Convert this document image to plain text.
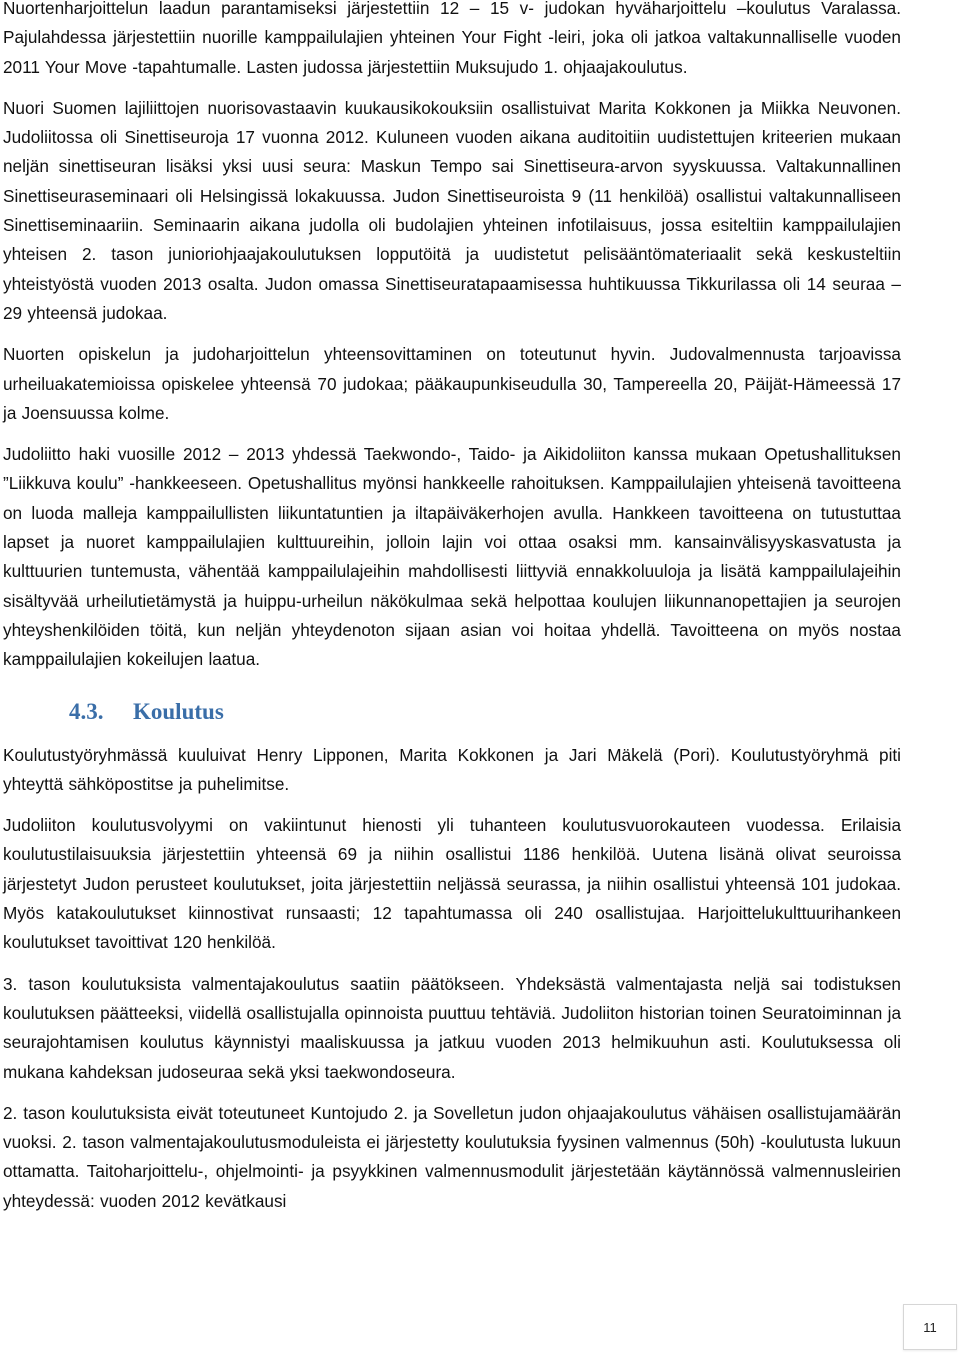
Nuortenharjoittelun laadun parantamiseksi järjestettiin 12 – 15 v- judokan hyväharjoittelu –koulutus Varalassa. Pajulahdessa järjestettiin nuorille kamppailulajien yhteinen Your Fight -leiri, joka oli jatkoa valtakunnalliselle vuoden 2011 Your Move -tapahtumalle. Lasten judossa järjestettiin Muksujudo 1. ohjaajakoulutus.

Nuori Suomen lajiliittojen nuorisovastaavin kuukausikokouksiin osallistuivat Marita Kokkonen ja Miikka Neuvonen. Judoliitossa oli Sinettiseuroja 17 vuonna 2012. Kuluneen vuoden aikana auditoitiin uudistettujen kriteerien mukaan neljän sinettiseuran lisäksi yksi uusi seura: Maskun Tempo sai Sinettiseura-arvon syyskuussa. Valtakunnallinen Sinettiseuraseminaari oli Helsingissä lokakuussa. Judon Sinettiseuroista 9 (11 henkilöä) osallistui valtakunnalliseen Sinettiseminaariin. Seminaarin aikana judolla oli budolajien yhteinen infotilaisuus, jossa esiteltiin kamppailulajien yhteisen 2. tason junioriohjaajakoulutuksen lopputöitä ja uudistetut pelisääntömateriaalit sekä keskusteltiin yhteistyöstä vuoden 2013 osalta. Judon omassa Sinettiseuratapaamisessa huhtikuussa Tikkurilassa oli 14 seuraa – 29 yhteensä judokaa.

Nuorten opiskelun ja judoharjoittelun yhteensovittaminen on toteutunut hyvin. Judovalmennusta tarjoavissa urheiluakatemioissa opiskelee yhteensä 70 judokaa; pääkaupunkiseudulla 30, Tampereella 20, Päijät-Hämeessä 17 ja Joensuussa kolme.

Judoliitto haki vuosille 2012 – 2013 yhdessä Taekwondo-, Taido- ja Aikidoliiton kanssa mukaan Opetushallituksen ”Liikkuva koulu” -hankkeeseen. Opetushallitus myönsi hankkeelle rahoituksen. Kamppailulajien yhteisenä tavoitteena on luoda malleja kamppailullisten liikuntatuntien ja iltapäiväkerhojen avulla. Hankkeen tavoitteena on tutustuttaa lapset ja nuoret kamppailulajien kulttuureihin, jolloin lajin voi ottaa osaksi mm. kansainvälisyyskasvatusta ja kulttuurien tuntemusta, vähentää kamppailulajeihin mahdollisesti liittyviä ennakkoluuloja ja lisätä kamppailulajeihin sisältyvää urheilutietämystä ja huippu-urheilun näkökulmaa sekä helpottaa koulujen liikunnanopettajien ja seurojen yhteyshenkilöiden töitä, kun neljän yhteydenoton sijaan asian voi hoitaa yhdellä. Tavoitteena on myös nostaa kamppailulajien kokeilujen laatua.

4.3. Koulutus

Koulutustyöryhmässä kuuluivat Henry Lipponen, Marita Kokkonen ja Jari Mäkelä (Pori). Koulutustyöryhmä piti yhteyttä sähköpostitse ja puhelimitse.

Judoliiton koulutusvolyymi on vakiintunut hienosti yli tuhanteen koulutusvuorokauteen vuodessa. Erilaisia koulutustilaisuuksia järjestettiin yhteensä 69 ja niihin osallistui 1186 henkilöä. Uutena lisänä olivat seuroissa järjestetyt Judon perusteet koulutukset, joita järjestettiin neljässä seurassa, ja niihin osallistui yhteensä 101 judokaa. Myös katakoulutukset kiinnostivat runsaasti; 12 tapahtumassa oli 240 osallistujaa. Harjoittelukulttuurihankeen koulutukset tavoittivat 120 henkilöä.

3. tason koulutuksista valmentajakoulutus saatiin päätökseen. Yhdeksästä valmentajasta neljä sai todistuksen koulutuksen päätteeksi, viidellä osallistujalla opinnoista puuttuu tehtäviä. Judoliiton historian toinen Seuratoiminnan ja seurajohtamisen koulutus käynnistyi maaliskuussa ja jatkuu vuoden 2013 helmikuuhun asti. Koulutuksessa oli mukana kahdeksan judoseuraa sekä yksi taekwondoseura.

2. tason koulutuksista eivät toteutuneet Kuntojudo 2. ja Sovelletun judon ohjaajakoulutus vähäisen osallistujamäärän vuoksi. 2. tason valmentajakoulutusmoduleista ei järjestetty koulutuksia fyysinen valmennus (50h) -koulutusta lukuun ottamatta. Taitoharjoittelu-, ohjelmointi- ja psyykkinen valmennusmodulit järjestetään käytännössä valmennusleirien yhteydessä: vuoden 2012 kevätkausi

11
